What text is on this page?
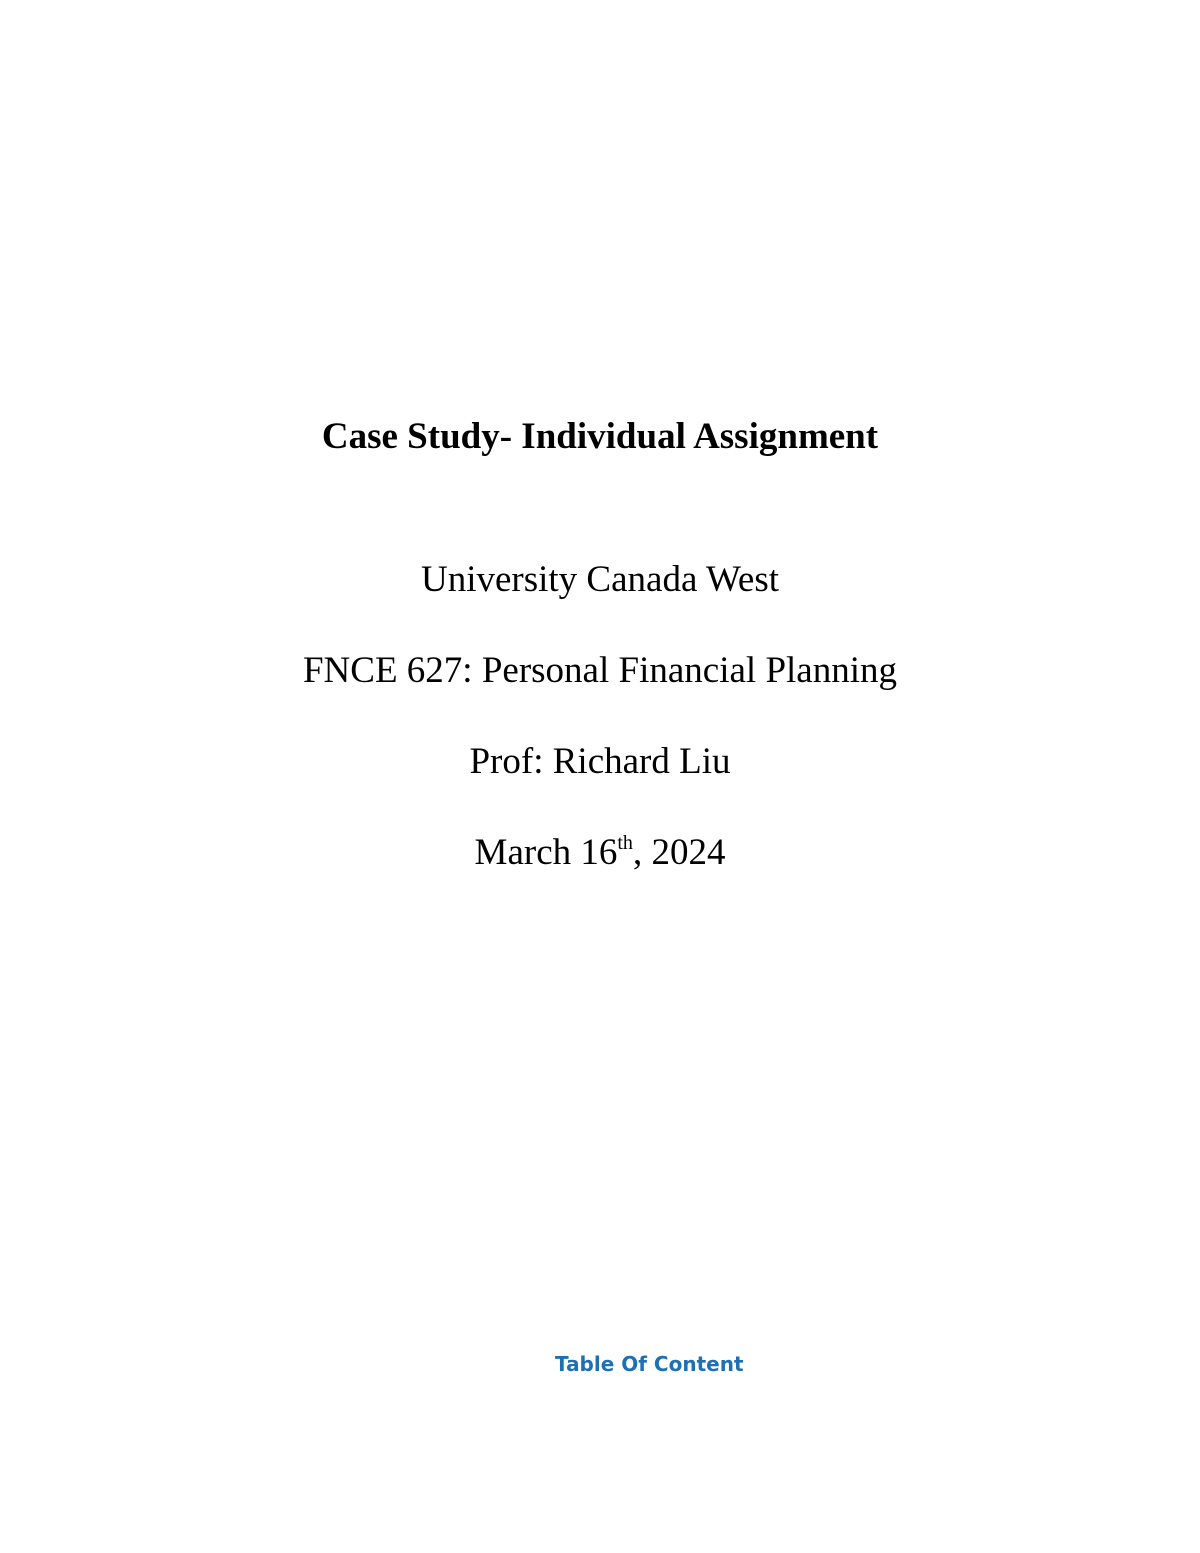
Case Study- Individual Assignment
University Canada West
FNCE 627: Personal Financial Planning
Prof: Richard Liu
March 16th, 2024
Table Of Content
